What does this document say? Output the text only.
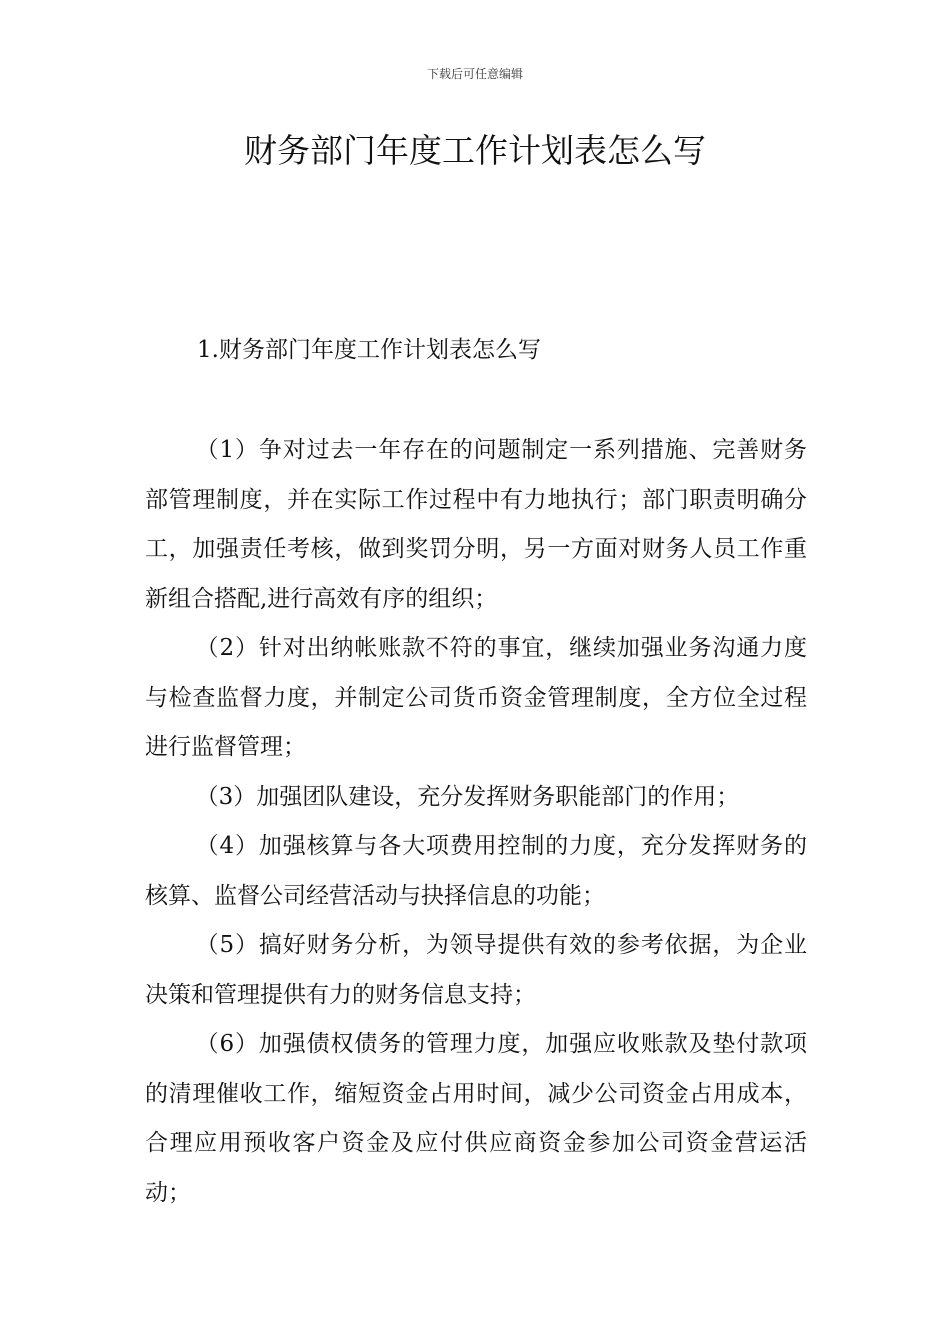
下载后可任意编辑
财务部门年度工作计划表怎么写
1.财务部门年度工作计划表怎么写

（1）争对过去一年存在的问题制定一系列措施、完善财务部管理制度，并在实际工作过程中有力地执行；部门职责明确分工，加强责任考核，做到奖罚分明，另一方面对财务人员工作重新组合搭配,进行高效有序的组织；

（2）针对出纳帐账款不符的事宜，继续加强业务沟通力度与检查监督力度，并制定公司货币资金管理制度，全方位全过程进行监督管理；

（3）加强团队建设，充分发挥财务职能部门的作用；

（4）加强核算与各大项费用控制的力度，充分发挥财务的核算、监督公司经营活动与抉择信息的功能；

（5）搞好财务分析，为领导提供有效的参考依据，为企业决策和管理提供有力的财务信息支持；

（6）加强债权债务的管理力度，加强应收账款及垫付款项的清理催收工作，缩短资金占用时间，减少公司资金占用成本，合理应用预收客户资金及应付供应商资金参加公司资金营运活动；
